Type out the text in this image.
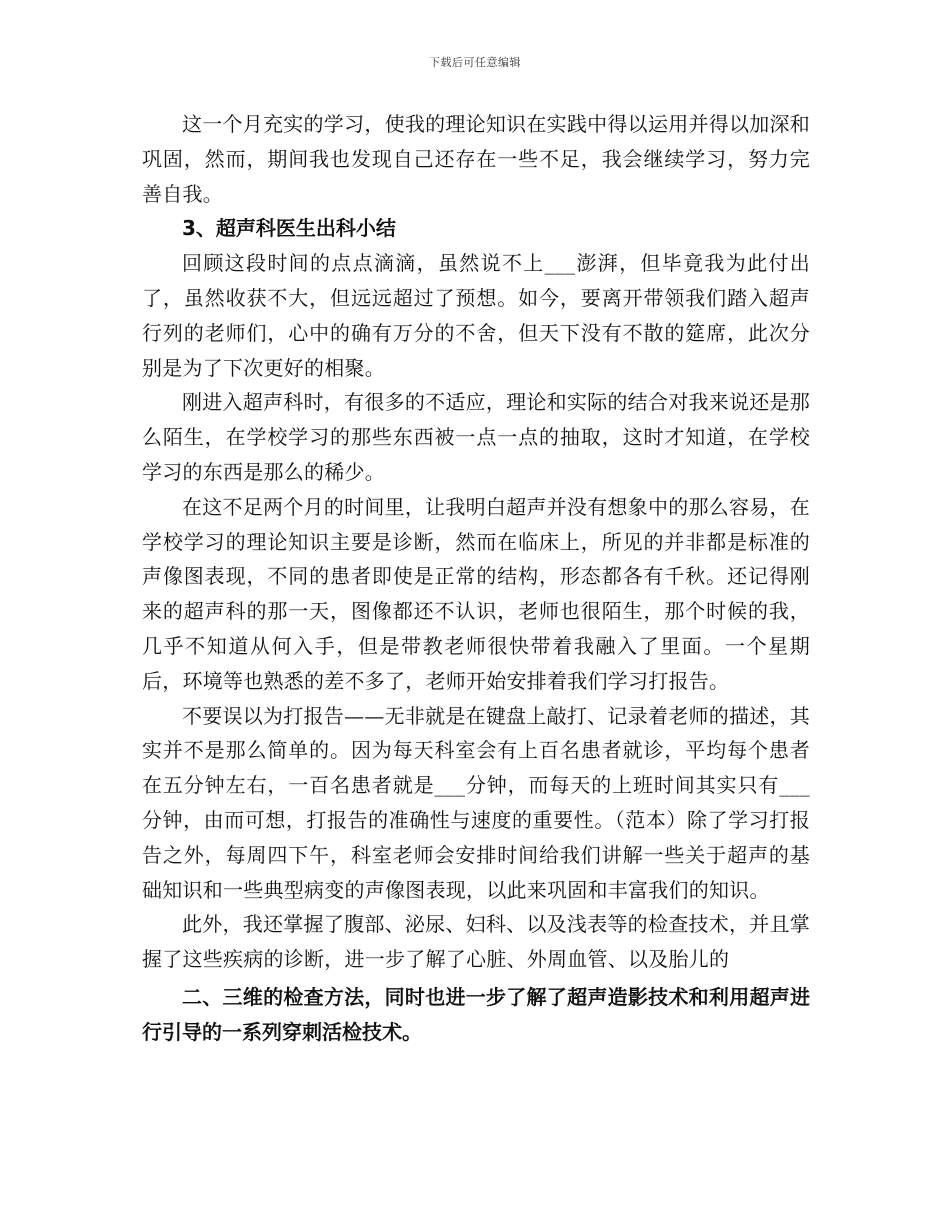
下载后可任意编辑

这一个月充实的学习，使我的理论知识在实践中得以运用并得以加深和巩固，然而，期间我也发现自己还存在一些不足，我会继续学习，努力完善自我。

3、超声科医生出科小结

回顾这段时间的点点滴滴，虽然说不上___澎湃，但毕竟我为此付出了，虽然收获不大，但远远超过了预想。如今，要离开带领我们踏入超声行列的老师们，心中的确有万分的不舍，但天下没有不散的筵席，此次分别是为了下次更好的相聚。

刚进入超声科时，有很多的不适应，理论和实际的结合对我来说还是那么陌生，在学校学习的那些东西被一点一点的抽取，这时才知道，在学校学习的东西是那么的稀少。

在这不足两个月的时间里，让我明白超声并没有想象中的那么容易，在学校学习的理论知识主要是诊断，然而在临床上，所见的并非都是标准的声像图表现，不同的患者即使是正常的结构，形态都各有千秋。还记得刚来的超声科的那一天，图像都还不认识，老师也很陌生，那个时候的我，几乎不知道从何入手，但是带教老师很快带着我融入了里面。一个星期后，环境等也熟悉的差不多了，老师开始安排着我们学习打报告。

不要误以为打报告——无非就是在键盘上敲打、记录着老师的描述，其实并不是那么简单的。因为每天科室会有上百名患者就诊，平均每个患者在五分钟左右，一百名患者就是___分钟，而每天的上班时间其实只有___分钟，由而可想，打报告的准确性与速度的重要性。（范本）除了学习打报告之外，每周四下午，科室老师会安排时间给我们讲解一些关于超声的基础知识和一些典型病变的声像图表现，以此来巩固和丰富我们的知识。

此外，我还掌握了腹部、泌尿、妇科、以及浅表等的检查技术，并且掌握了这些疾病的诊断，进一步了解了心脏、外周血管、以及胎儿的

二、三维的检查方法，同时也进一步了解了超声造影技术和利用超声进行引导的一系列穿刺活检技术。
